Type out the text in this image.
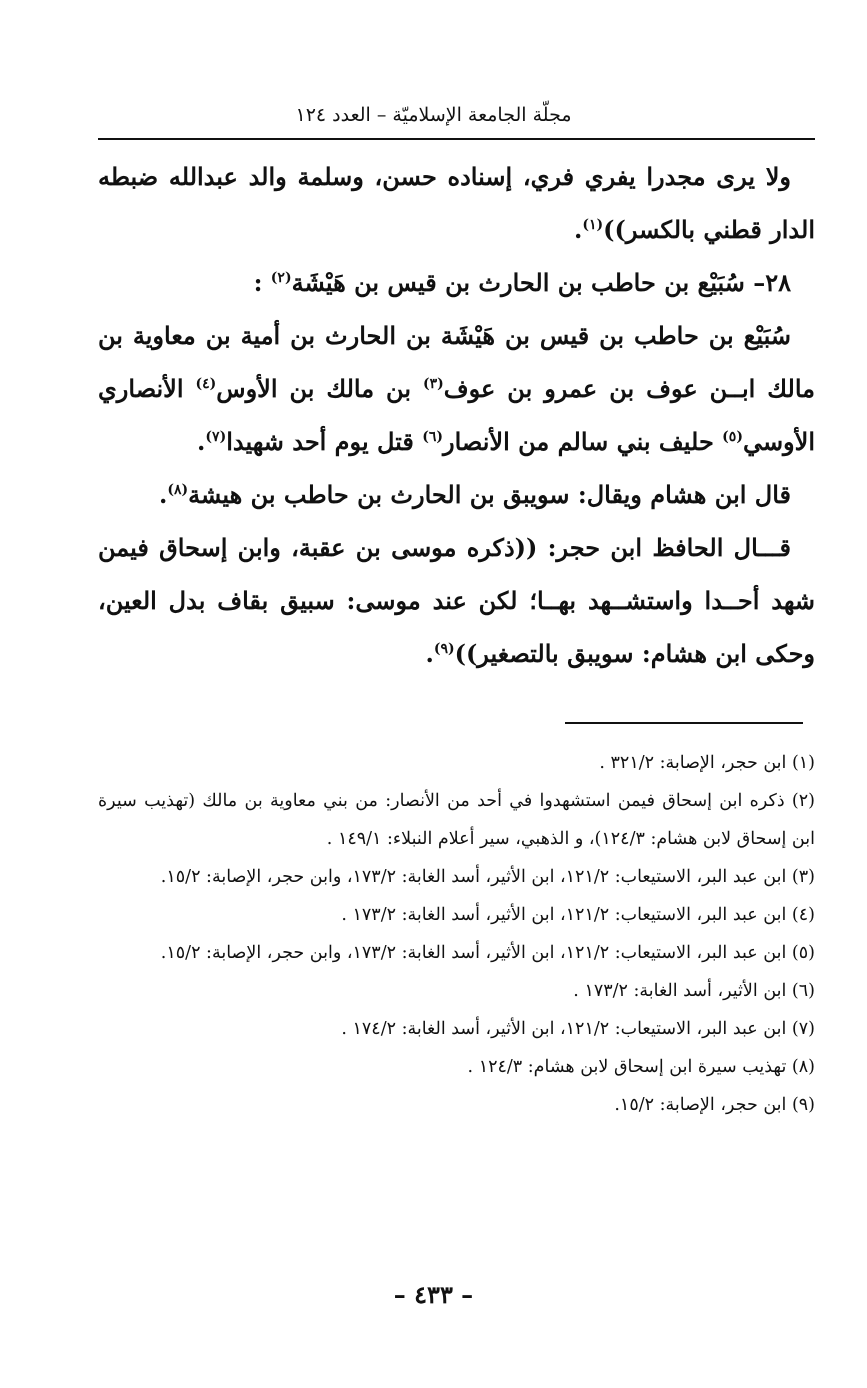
مجلّة الجامعة الإسلاميّة – العدد ١٢٤

ولا يرى مجدرا يفري فري، إسناده حسن، وسلمة والد عبدالله ضبطه الدار قطني بالكسر))$^{(١)}$.

٢٨– سُبَيْع بن حاطب بن الحارث بن قيس بن هَيْشَة$^{(٢)}$ :

سُبَيْع بن حاطب بن قيس بن هَيْشَة بن الحارث بن أمية بن معاوية بن مالك ابــن عوف بن عمرو بن عوف$^{(٣)}$ بن مالك بن الأوس$^{(٤)}$ الأنصاري الأوسي$^{(٥)}$ حليف بني سالم من الأنصار$^{(٦)}$ قتل يوم أحد شهيدا$^{(٧)}$.

قال ابن هشام ويقال: سويبق بن الحارث بن حاطب بن هيشة$^{(٨)}$.

قـــال الحافظ ابن حجر: ((ذكره موسى بن عقبة، وابن إسحاق فيمن شهد أحــدا واستشــهد بهــا؛ لكن عند موسى: سبيق بقاف بدل العين، وحكى ابن هشام: سويبق بالتصغير))$^{(٩)}$.

(١) ابن حجر، الإصابة: ٣٢١/٢ .

(٢) ذكره ابن إسحاق فيمن استشهدوا في أحد من الأنصار: من بني معاوية بن مالك (تهذيب سيرة ابن إسحاق لابن هشام: ١٢٤/٣)، و الذهبي، سير أعلام النبلاء: ١٤٩/١ .

(٣) ابن عبد البر، الاستيعاب: ١٢١/٢، ابن الأثير، أسد الغابة: ١٧٣/٢، وابن حجر، الإصابة: ١٥/٢.

(٤) ابن عبد البر، الاستيعاب: ١٢١/٢، ابن الأثير، أسد الغابة: ١٧٣/٢ .

(٥) ابن عبد البر، الاستيعاب: ١٢١/٢، ابن الأثير، أسد الغابة: ١٧٣/٢، وابن حجر، الإصابة: ١٥/٢.

(٦) ابن الأثير، أسد الغابة: ١٧٣/٢ .

(٧) ابن عبد البر، الاستيعاب: ١٢١/٢، ابن الأثير، أسد الغابة: ١٧٤/٢ .

(٨) تهذيب سيرة ابن إسحاق لابن هشام: ١٢٤/٣ .

(٩) ابن حجر، الإصابة: ١٥/٢.

– ٤٣٣ –
